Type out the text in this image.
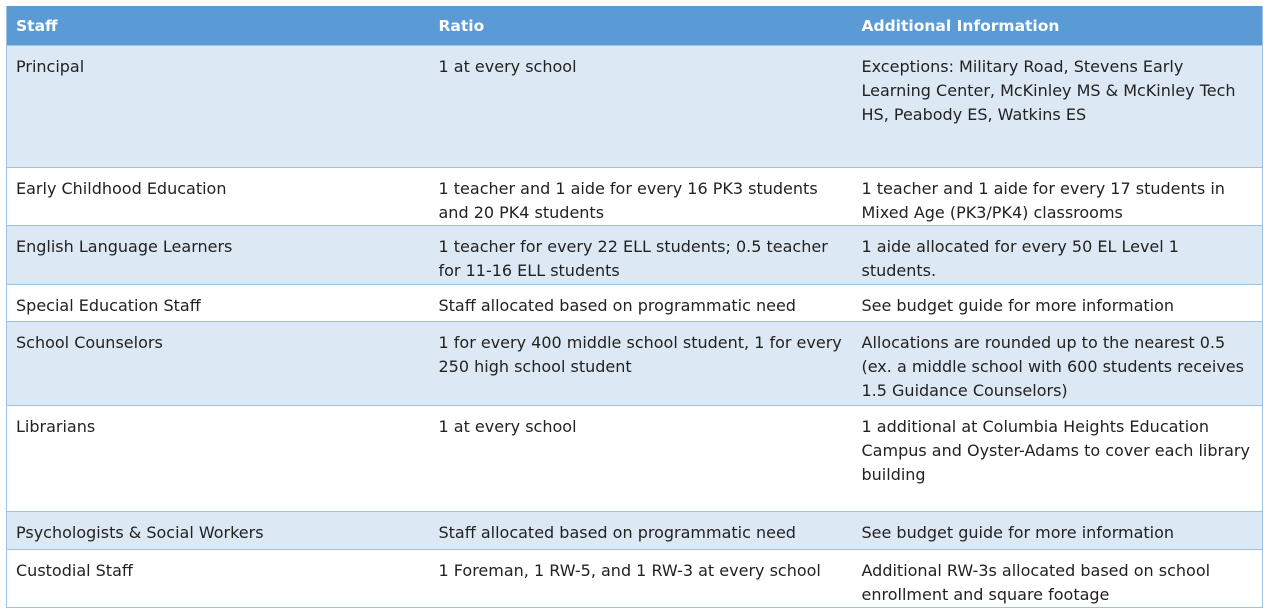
Staff	Ratio	Additional Information
Principal	1 at every school	Exceptions: Military Road, Stevens Early Learning Center, McKinley MS & McKinley Tech HS, Peabody ES, Watkins ES
Early Childhood Education	1 teacher and 1 aide for every 16 PK3 students and 20 PK4 students	1 teacher and 1 aide for every 17 students in Mixed Age (PK3/PK4) classrooms
English Language Learners	1 teacher for every 22 ELL students; 0.5 teacher for 11-16 ELL students	1 aide allocated for every 50 EL Level 1 students.
Special Education Staff	Staff allocated based on programmatic need	See budget guide for more information
School Counselors	1 for every 400 middle school student, 1 for every 250 high school student	Allocations are rounded up to the nearest 0.5 (ex. a middle school with 600 students receives 1.5 Guidance Counselors)
Librarians	1 at every school	1 additional at Columbia Heights Education Campus and Oyster-Adams to cover each library building
Psychologists & Social Workers	Staff allocated based on programmatic need	See budget guide for more information
Custodial Staff	1 Foreman, 1 RW-5, and 1 RW-3 at every school	Additional RW-3s allocated based on school enrollment and square footage
